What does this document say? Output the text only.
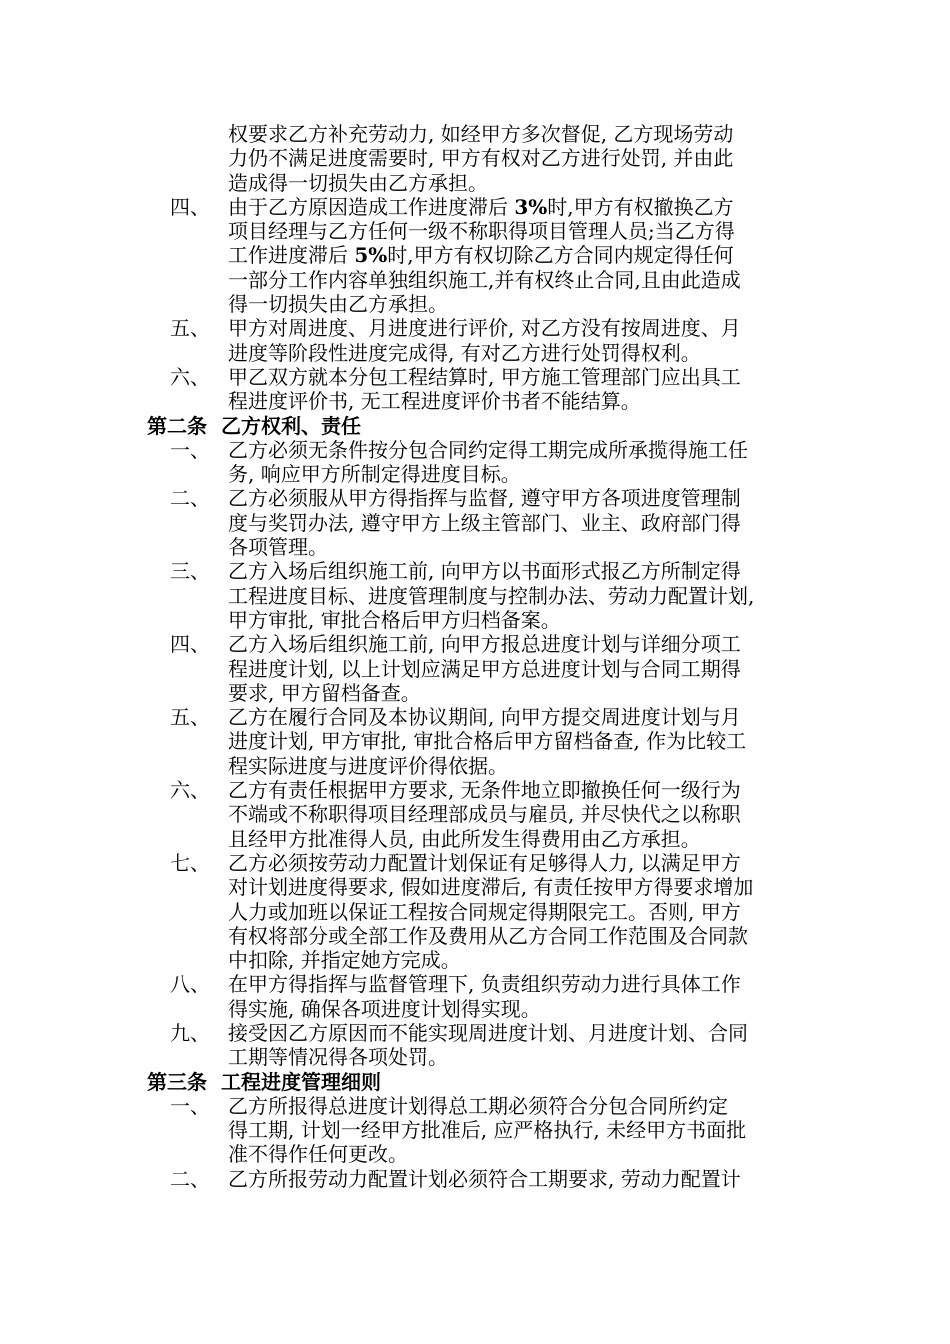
权要求乙方补充劳动力, 如经甲方多次督促, 乙方现场劳动
力仍不满足进度需要时, 甲方有权对乙方进行处罚, 并由此
造成得一切损失由乙方承担。
四、 由于乙方原因造成工作进度滞后 3%时,甲方有权撤换乙方
项目经理与乙方任何一级不称职得项目管理人员;当乙方得
工作进度滞后 5%时,甲方有权切除乙方合同内规定得任何
一部分工作内容单独组织施工,并有权终止合同,且由此造成
得一切损失由乙方承担。
五、 甲方对周进度、月进度进行评价, 对乙方没有按周进度、月
进度等阶段性进度完成得, 有对乙方进行处罚得权利。
六、 甲乙双方就本分包工程结算时, 甲方施工管理部门应出具工
程进度评价书, 无工程进度评价书者不能结算。
第二条 乙方权利、责任
一、 乙方必须无条件按分包合同约定得工期完成所承揽得施工任
务, 响应甲方所制定得进度目标。
二、 乙方必须服从甲方得指挥与监督, 遵守甲方各项进度管理制
度与奖罚办法, 遵守甲方上级主管部门、业主、政府部门得
各项管理。
三、 乙方入场后组织施工前, 向甲方以书面形式报乙方所制定得
工程进度目标、进度管理制度与控制办法、劳动力配置计划,
甲方审批, 审批合格后甲方归档备案。
四、 乙方入场后组织施工前, 向甲方报总进度计划与详细分项工
程进度计划, 以上计划应满足甲方总进度计划与合同工期得
要求, 甲方留档备查。
五、 乙方在履行合同及本协议期间, 向甲方提交周进度计划与月
进度计划, 甲方审批, 审批合格后甲方留档备查, 作为比较工
程实际进度与进度评价得依据。
六、 乙方有责任根据甲方要求, 无条件地立即撤换任何一级行为
不端或不称职得项目经理部成员与雇员, 并尽快代之以称职
且经甲方批准得人员, 由此所发生得费用由乙方承担。
七、 乙方必须按劳动力配置计划保证有足够得人力, 以满足甲方
对计划进度得要求, 假如进度滞后, 有责任按甲方得要求增加
人力或加班以保证工程按合同规定得期限完工。否则, 甲方
有权将部分或全部工作及费用从乙方合同工作范围及合同款
中扣除, 并指定她方完成。
八、 在甲方得指挥与监督管理下, 负责组织劳动力进行具体工作
得实施, 确保各项进度计划得实现。
九、 接受因乙方原因而不能实现周进度计划、月进度计划、合同
工期等情况得各项处罚。
第三条 工程进度管理细则
一、 乙方所报得总进度计划得总工期必须符合分包合同所约定
得工期, 计划一经甲方批准后, 应严格执行, 未经甲方书面批
准不得作任何更改。
二、 乙方所报劳动力配置计划必须符合工期要求, 劳动力配置计
